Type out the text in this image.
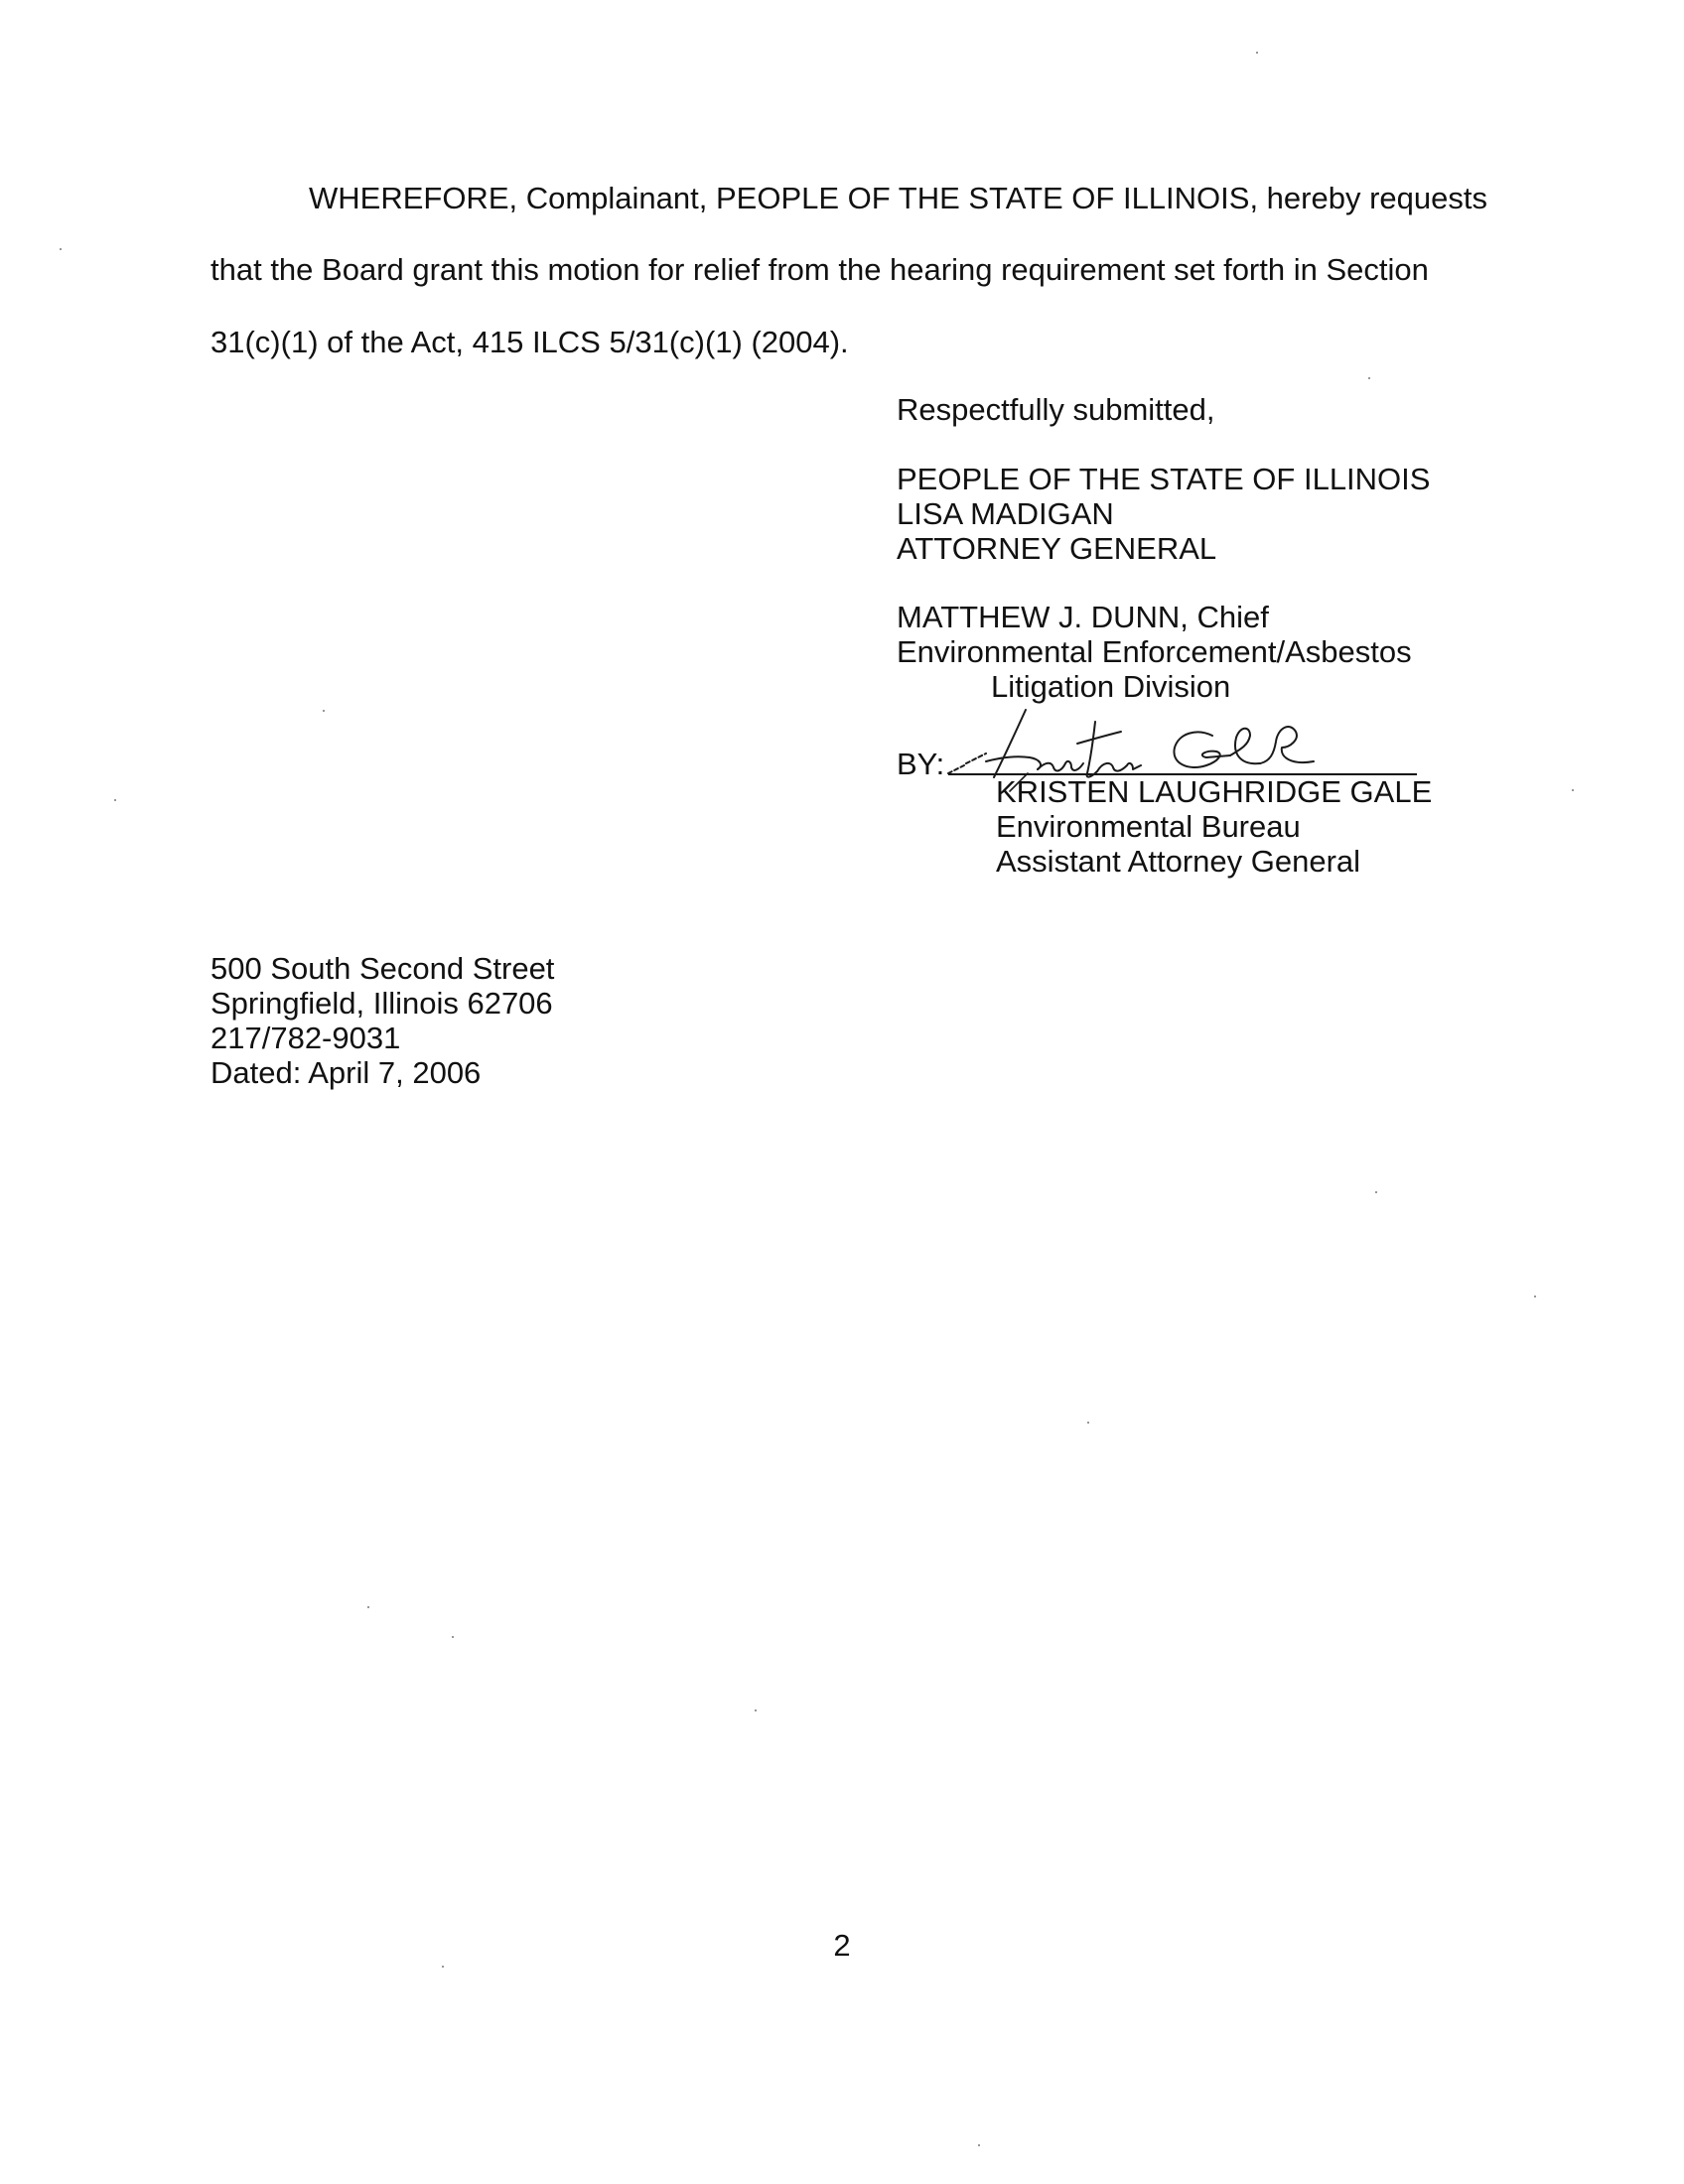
WHEREFORE, Complainant, PEOPLE OF THE STATE OF ILLINOIS, hereby requests
that the Board grant this motion for relief from the hearing requirement set forth in Section
31(c)(1) of the Act, 415 ILCS 5/31(c)(1) (2004).
Respectfully submitted,
PEOPLE OF THE STATE OF ILLINOIS
LISA MADIGAN
ATTORNEY GENERAL
MATTHEW J. DUNN, Chief
Environmental Enforcement/Asbestos
Litigation Division
BY:
KRISTEN LAUGHRIDGE GALE
Environmental Bureau
Assistant Attorney General
500 South Second Street
Springfield, Illinois 62706
217/782-9031
Dated: April 7, 2006
2
